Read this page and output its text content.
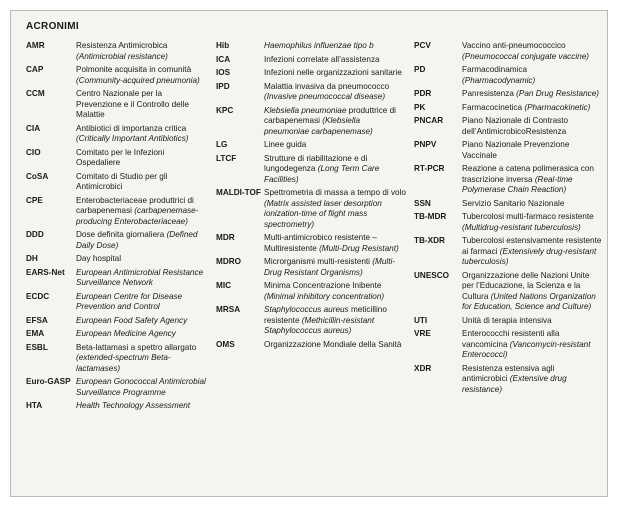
ACRONIMI
AMR	Resistenza Antimicrobica (Antimicrobial resistance)
CAP	Polmonite acquisita in comunità (Community-acquired pneumonia)
CCM	Centro Nazionale per la Prevenzione e il Controllo delle Malattie
CIA	Antibiotici di importanza critica (Critically Important Antibiotics)
CIO	Comitato per le Infezioni Ospedaliere
CoSA	Comitato di Studio per gli Antimicrobici
CPE	Enterobacteriaceae produttrici di carbapenemasi (carbapenemase-producing Enterobacteriaceae)
DDD	Dose definita giornaliera (Defined Daily Dose)
DH	Day hospital
EARS-Net	European Antimicrobial Resistance Surveillance Network
ECDC	European Centre for Disease Prevention and Control
EFSA	European Food Safety Agency
EMA	European Medicine Agency
ESBL	Beta-lattamasi a spettro allargato (extended-spectrum Beta-lactamases)
Euro-GASP European Gonococcal Antimicrobial Surveillance Programme
HTA	Health Technology Assessment
Hib	Haemophilus influenzae tipo b
ICA	Infezioni correlate all’assistenza
IOS	Infezioni nelle organizzazioni sanitarie
IPD	Malattia invasiva da pneumococco (Invasive pneumococcal disease)
KPC	Klebsiella pneumoniae produttrice di carbapenemasi (Klebsiella pneumoniae carbapenemase)
LG	Linee guida
LTCF	Strutture di riabilitazione e di lungodegenza (Long Term Care Facilities)
MALDI-TOF Spettrometria di massa a tempo di volo (Matrix assisted laser desorption ionization-time of flight mass spectrometry)
MDR	Multi-antimicrobico resistente – Multiresistente (Multi-Drug Resistant)
MDRO	Microrganismi multi-resistenti (Multi-Drug Resistant Organisms)
MIC	Minima Concentrazione Inibente (Minimal inhibitory concentration)
MRSA	Staphylococcus aureus meticillino resistente (Methicillin-resistant Staphylococcus aureus)
OMS	Organizzazione Mondiale della Sanità
PCV	Vaccino anti-pneumococcico (Pneumococcal conjugate vaccine)
PD	Farmacodinamica (Pharmacodynamic)
PDR	Panresistenza (Pan Drug Resistance)
PK	Farmacocinetica (Pharmacokinetic)
PNCAR	Piano Nazionale di Contrasto dell’AntimicrobicoResistenza
PNPV	Piano Nazionale Prevenzione Vaccinale
RT-PCR	Reazione a catena polimerasica con trascrizione inversa (Real-time Polymerase Chain Reaction)
SSN	Servizio Sanitario Nazionale
TB-MDR	Tubercolosi multi-farmaco resistente (Multidrug-resistant tuberculosis)
TB-XDR	Tubercolosi estensivamente resistente ai farmaci (Extensively drug-resistant tuberculosis)
UNESCO	Organizzazione delle Nazioni Unite per l’Educazione, la Scienza e la Cultura (United Nations Organization for Education, Science and Culture)
UTI	Unità di terapia intensiva
VRE	Enterococchi resistenti alla vancomicina (Vancomycin-resistant Enterococci)
XDR	Resistenza estensiva agli antimicrobici (Extensive drug resistance)
